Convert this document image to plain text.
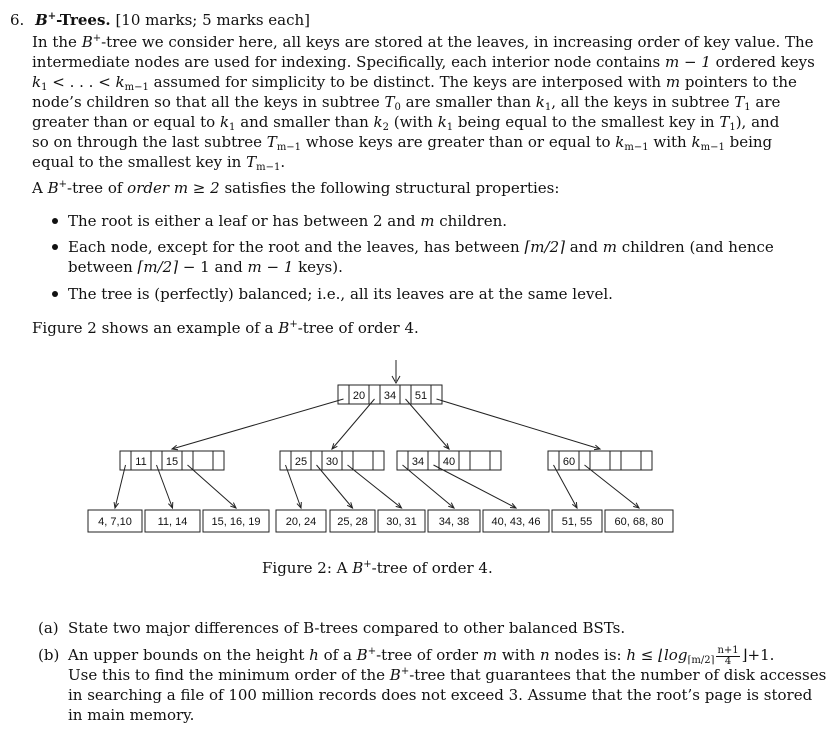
6. B+-Trees. [10 marks; 5 marks each]
In the B+-tree we consider here, all keys are stored at the leaves, in increasing order of key value. The
intermediate nodes are used for indexing. Specifically, each interior node contains m − 1 ordered keys
$k_1$ < . . . < $k_{m-1}$ assumed for simplicity to be distinct. The keys are interposed with m pointers to the
node’s children so that all the keys in subtree $T_0$ are smaller than $k_1$, all the keys in subtree $T_1$ are
greater than or equal to $k_1$ and smaller than $k_2$ (with $k_1$ being equal to the smallest key in $T_1$), and
so on through the last subtree $T_{m-1}$ whose keys are greater than or equal to $k_{m-1}$ with $k_{m-1}$ being
equal to the smallest key in $T_{m-1}$.
A B+-tree of order m ≥ 2 satisfies the following structural properties:
The root is either a leaf or has between 2 and m children.
Each node, except for the root and the leaves, has between ⌈m/2⌉ and m children (and hence
between ⌈m/2⌉ − 1 and m − 1 keys).
The tree is (perfectly) balanced; i.e., all its leaves are at the same level.
Figure 2 shows an example of a B+-tree of order 4.
20 34 51
11 15	25 30	34 40	60
4, 7,10 11, 14 15, 16, 19 20, 24 25, 28 30, 31 34, 38 40, 43, 46 51, 55 60, 68, 80
Figure 2: A B+-tree of order 4.
(a) State two major differences of B-trees compared to other balanced BSTs.
(b) An upper bounds on the height h of a B+-tree of order m with n nodes is: $h \le ⌊\log_{⌈m/2⌉} \frac{n+1}{4}$ ⌋+1.
Use this to find the minimum order of the B+-tree that guarantees that the number of disk accesses
in searching a file of 100 million records does not exceed 3. Assume that the root’s page is stored
in main memory.
